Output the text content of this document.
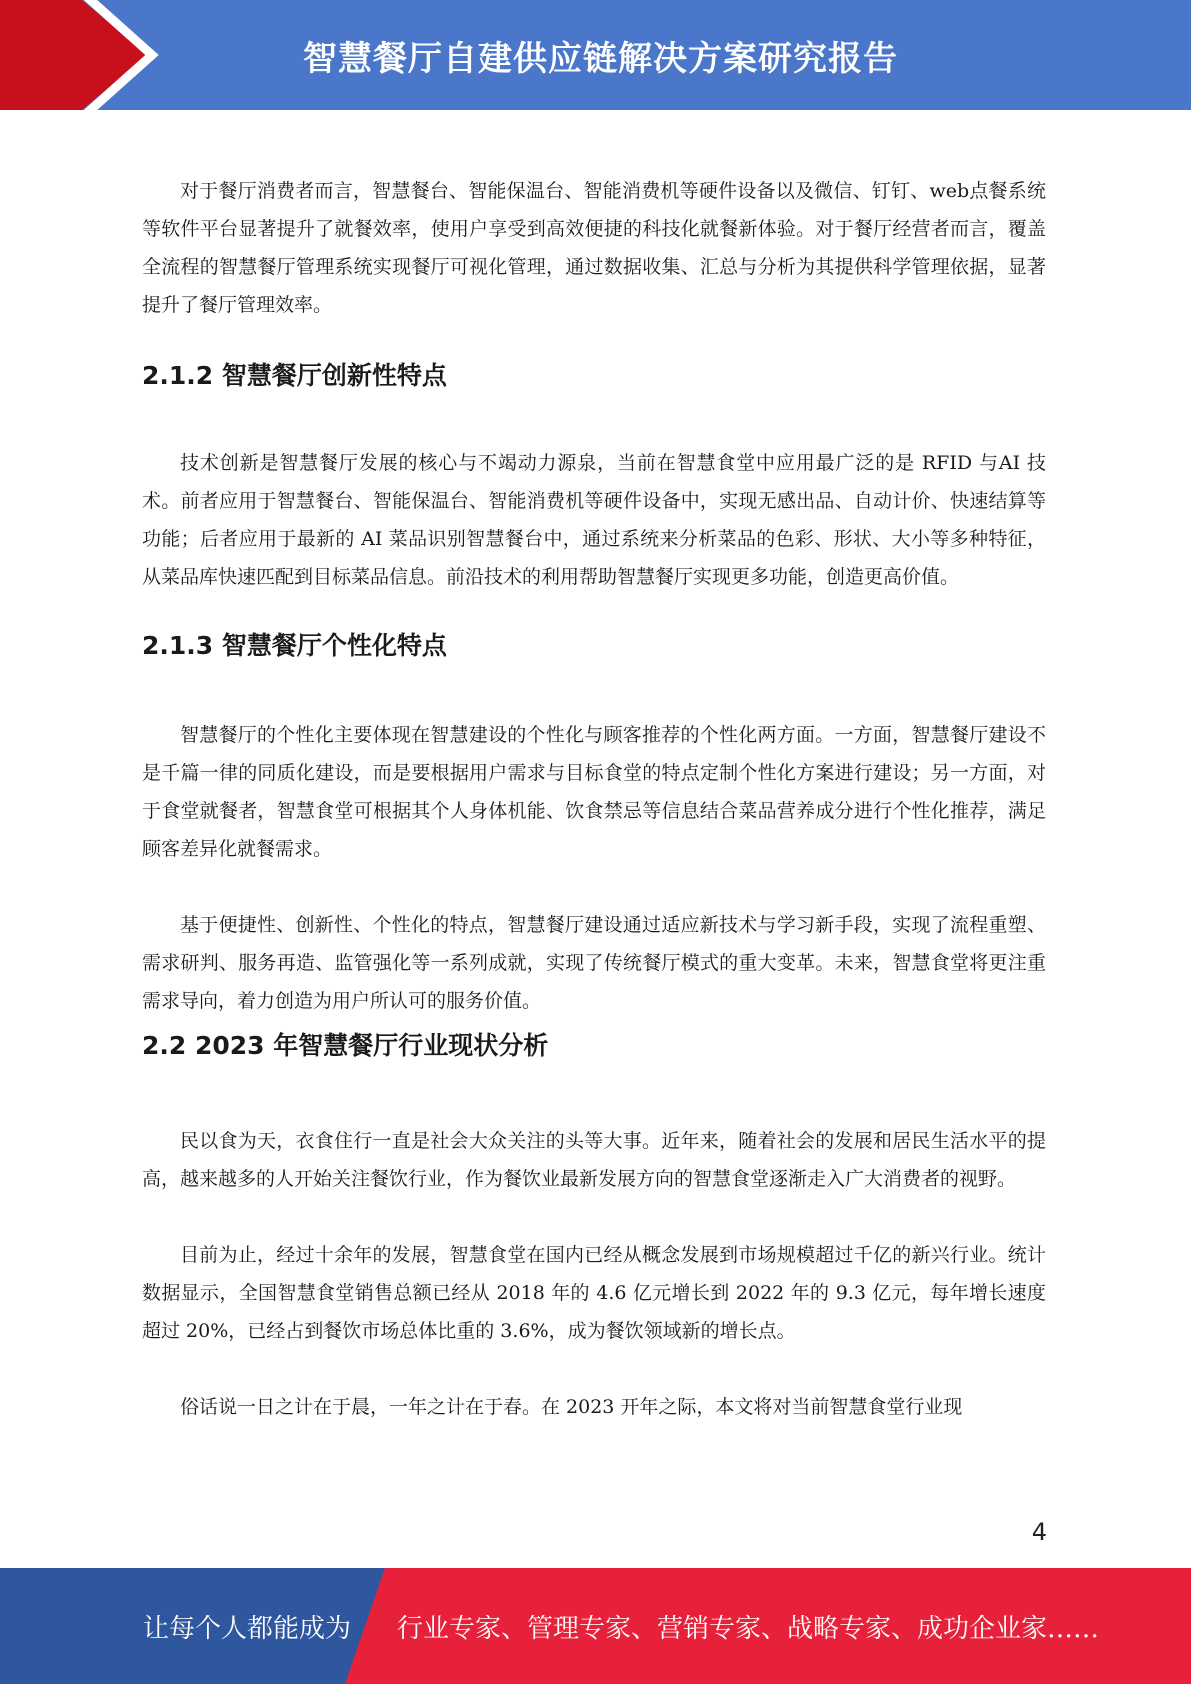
智慧餐厅自建供应链解决方案研究报告

对于餐厅消费者而言，智慧餐台、智能保温台、智能消费机等硬件设备以及微信、钉钉、web点餐系统等软件平台显著提升了就餐效率，使用户享受到高效便捷的科技化就餐新体验。对于餐厅经营者而言，覆盖全流程的智慧餐厅管理系统实现餐厅可视化管理，通过数据收集、汇总与分析为其提供科学管理依据，显著提升了餐厅管理效率。

2.1.2 智慧餐厅创新性特点

技术创新是智慧餐厅发展的核心与不竭动力源泉，当前在智慧食堂中应用最广泛的是 RFID 与AI 技术。前者应用于智慧餐台、智能保温台、智能消费机等硬件设备中，实现无感出品、自动计价、快速结算等功能；后者应用于最新的 AI 菜品识别智慧餐台中，通过系统来分析菜品的色彩、形状、大小等多种特征，从菜品库快速匹配到目标菜品信息。前沿技术的利用帮助智慧餐厅实现更多功能，创造更高价值。

2.1.3 智慧餐厅个性化特点

智慧餐厅的个性化主要体现在智慧建设的个性化与顾客推荐的个性化两方面。一方面，智慧餐厅建设不是千篇一律的同质化建设，而是要根据用户需求与目标食堂的特点定制个性化方案进行建设；另一方面，对于食堂就餐者，智慧食堂可根据其个人身体机能、饮食禁忌等信息结合菜品营养成分进行个性化推荐，满足顾客差异化就餐需求。

基于便捷性、创新性、个性化的特点，智慧餐厅建设通过适应新技术与学习新手段，实现了流程重塑、需求研判、服务再造、监管强化等一系列成就，实现了传统餐厅模式的重大变革。未来，智慧食堂将更注重需求导向，着力创造为用户所认可的服务价值。

2.2 2023 年智慧餐厅行业现状分析

民以食为天，衣食住行一直是社会大众关注的头等大事。近年来，随着社会的发展和居民生活水平的提高，越来越多的人开始关注餐饮行业，作为餐饮业最新发展方向的智慧食堂逐渐走入广大消费者的视野。

目前为止，经过十余年的发展，智慧食堂在国内已经从概念发展到市场规模超过千亿的新兴行业。统计数据显示，全国智慧食堂销售总额已经从 2018 年的 4.6 亿元增长到 2022 年的 9.3 亿元，每年增长速度超过 20%，已经占到餐饮市场总体比重的 3.6%，成为餐饮领域新的增长点。

俗话说一日之计在于晨，一年之计在于春。在 2023 开年之际，本文将对当前智慧食堂行业现

4
让每个人都能成为 行业专家、管理专家、营销专家、战略专家、成功企业家……
